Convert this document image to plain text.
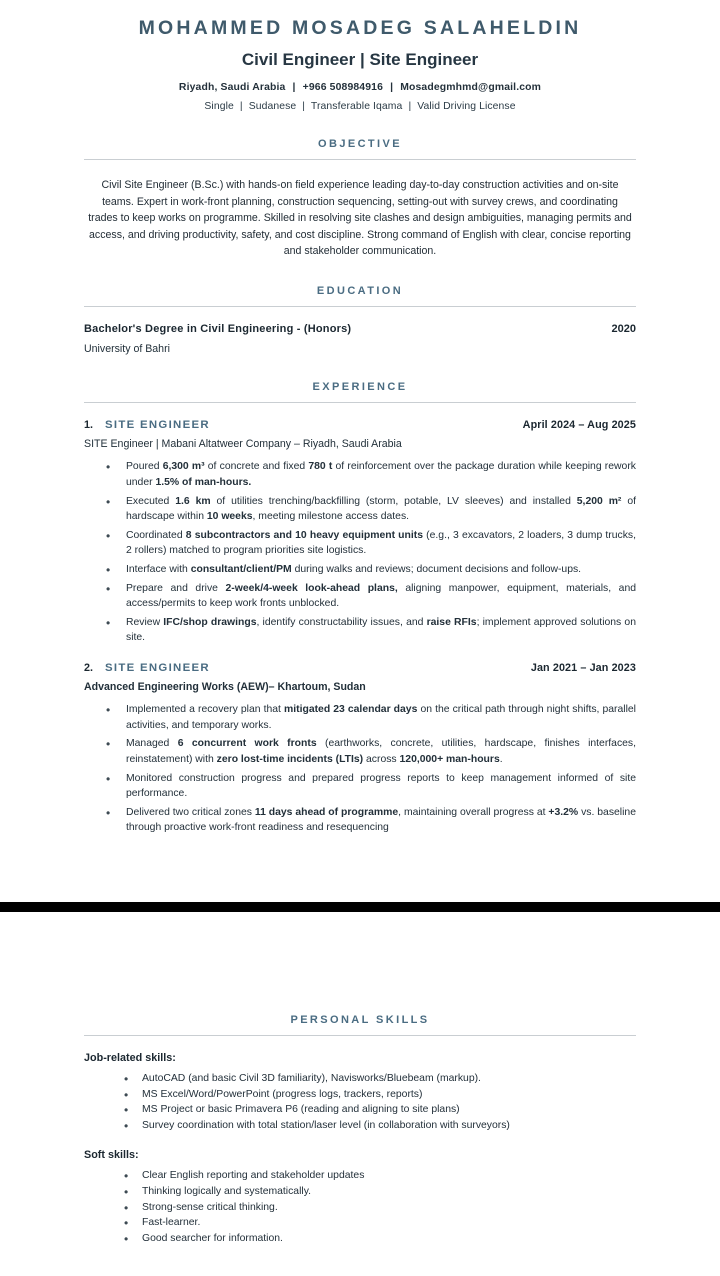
MOHAMMED MOSADEG SALAHELDIN
Civil Engineer | Site Engineer
Riyadh, Saudi Arabia | +966 508984916 | Mosadegmhmd@gmail.com
Single | Sudanese | Transferable Iqama | Valid Driving License
OBJECTIVE
Civil Site Engineer (B.Sc.) with hands‑on field experience leading day‑to‑day construction activities and on‑site teams. Expert in work‑front planning, construction sequencing, setting‑out with survey crews, and coordinating trades to keep works on programme. Skilled in resolving site clashes and design ambiguities, managing permits and access, and driving productivity, safety, and cost discipline. Strong command of English with clear, concise reporting and stakeholder communication.
EDUCATION
Bachelor's Degree in Civil Engineering - (Honors)	2020
University of Bahri
EXPERIENCE
1. SITE ENGINEER	April 2024 – Aug 2025
SITE Engineer | Mabani Altatweer Company – Riyadh, Saudi Arabia
• Poured 6,300 m³ of concrete and fixed 780 t of reinforcement over the package duration while keeping rework under 1.5% of man‑hours.
• Executed 1.6 km of utilities trenching/backfilling (storm, potable, LV sleeves) and installed 5,200 m² of hardscape within 10 weeks, meeting milestone access dates.
• Coordinated 8 subcontractors and 10 heavy equipment units (e.g., 3 excavators, 2 loaders, 3 dump trucks, 2 rollers) matched to program priorities site logistics.
• Interface with consultant/client/PM during walks and reviews; document decisions and follow‑ups.
• Prepare and drive 2‑week/4‑week look‑ahead plans, aligning manpower, equipment, materials, and access/permits to keep work fronts unblocked.
• Review IFC/shop drawings, identify constructability issues, and raise RFIs; implement approved solutions on site.
2. SITE ENGINEER	Jan 2021 – Jan 2023
Advanced Engineering Works (AEW)– Khartoum, Sudan
• Implemented a recovery plan that mitigated 23 calendar days on the critical path through night shifts, parallel activities, and temporary works.
• Managed 6 concurrent work fronts (earthworks, concrete, utilities, hardscape, finishes interfaces, reinstatement) with zero lost‑time incidents (LTIs) across 120,000+ man‑hours.
• Monitored construction progress and prepared progress reports to keep management informed of site performance.
• Delivered two critical zones 11 days ahead of programme, maintaining overall progress at +3.2% vs. baseline through proactive work‑front readiness and resequencing
PERSONAL SKILLS
Job‑related skills:
• AutoCAD (and basic Civil 3D familiarity), Navisworks/Bluebeam (markup).
• MS Excel/Word/PowerPoint (progress logs, trackers, reports)
• MS Project or basic Primavera P6 (reading and aligning to site plans)
• Survey coordination with total station/laser level (in collaboration with surveyors)
Soft skills:
• Clear English reporting and stakeholder updates
• Thinking logically and systematically.
• Strong‑sense critical thinking.
• Fast‑learner.
• Good searcher for information.
